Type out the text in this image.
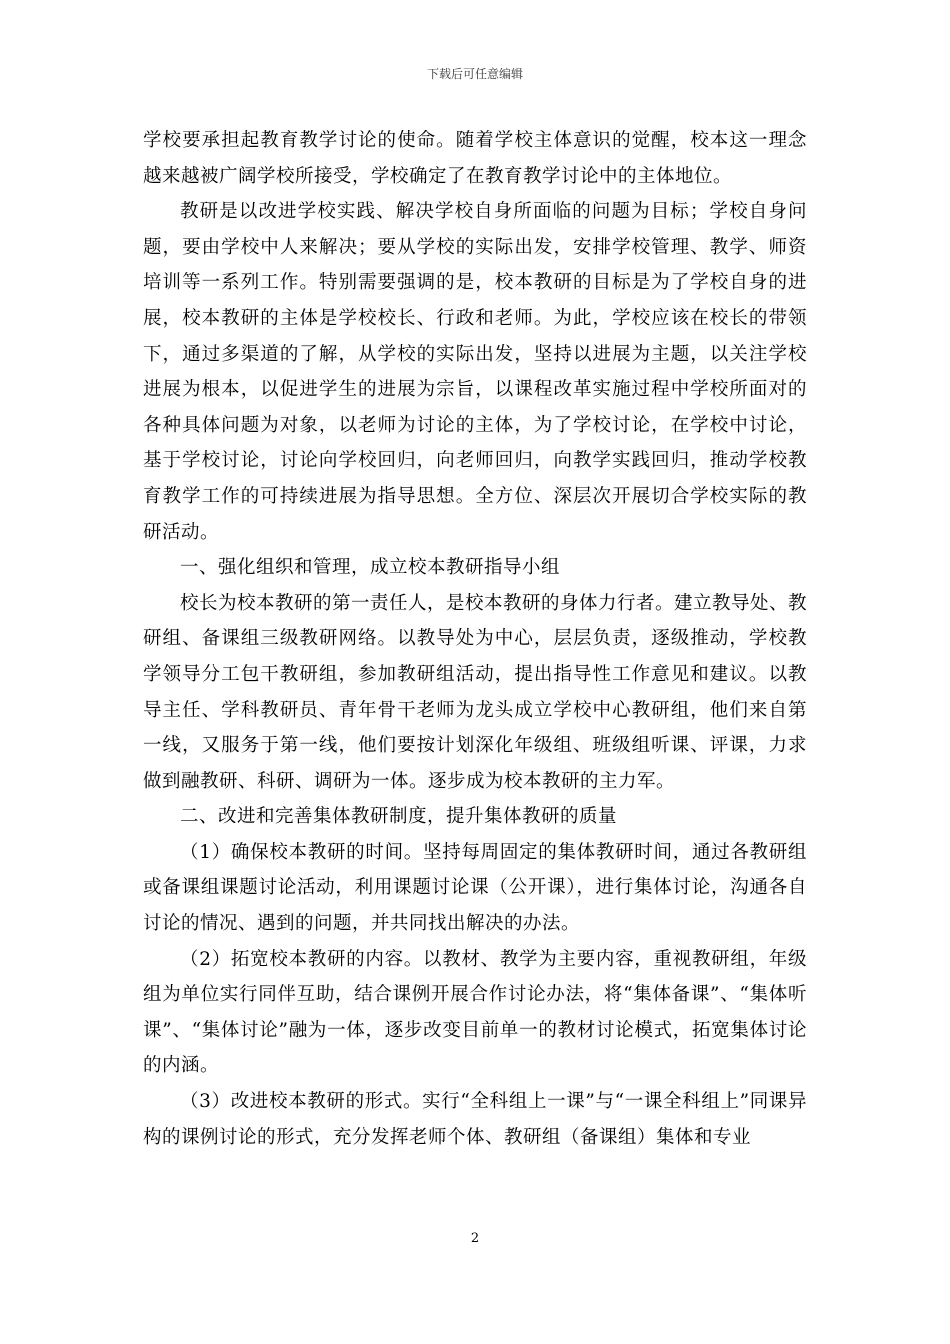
下载后可任意编辑

学校要承担起教育教学讨论的使命。随着学校主体意识的觉醒，校本这一理念越来越被广阔学校所接受，学校确定了在教育教学讨论中的主体地位。

教研是以改进学校实践、解决学校自身所面临的问题为目标；学校自身问题，要由学校中人来解决；要从学校的实际出发，安排学校管理、教学、师资培训等一系列工作。特别需要强调的是，校本教研的目标是为了学校自身的进展，校本教研的主体是学校校长、行政和老师。为此，学校应该在校长的带领下，通过多渠道的了解，从学校的实际出发，坚持以进展为主题，以关注学校进展为根本，以促进学生的进展为宗旨，以课程改革实施过程中学校所面对的各种具体问题为对象，以老师为讨论的主体，为了学校讨论，在学校中讨论，基于学校讨论，讨论向学校回归，向老师回归，向教学实践回归，推动学校教育教学工作的可持续进展为指导思想。全方位、深层次开展切合学校实际的教研活动。

一、强化组织和管理，成立校本教研指导小组

校长为校本教研的第一责任人，是校本教研的身体力行者。建立教导处、教研组、备课组三级教研网络。以教导处为中心，层层负责，逐级推动，学校教学领导分工包干教研组，参加教研组活动，提出指导性工作意见和建议。以教导主任、学科教研员、青年骨干老师为龙头成立学校中心教研组，他们来自第一线，又服务于第一线，他们要按计划深化年级组、班级组听课、评课，力求做到融教研、科研、调研为一体。逐步成为校本教研的主力军。

二、改进和完善集体教研制度，提升集体教研的质量

（1）确保校本教研的时间。坚持每周固定的集体教研时间，通过各教研组或备课组课题讨论活动，利用课题讨论课（公开课），进行集体讨论，沟通各自讨论的情况、遇到的问题，并共同找出解决的办法。

（2）拓宽校本教研的内容。以教材、教学为主要内容，重视教研组，年级组为单位实行同伴互助，结合课例开展合作讨论办法，将“集体备课”、“集体听课”、“集体讨论”融为一体，逐步改变目前单一的教材讨论模式，拓宽集体讨论的内涵。

（3）改进校本教研的形式。实行“全科组上一课”与“一课全科组上”同课异构的课例讨论的形式，充分发挥老师个体、教研组（备课组）集体和专业

2
